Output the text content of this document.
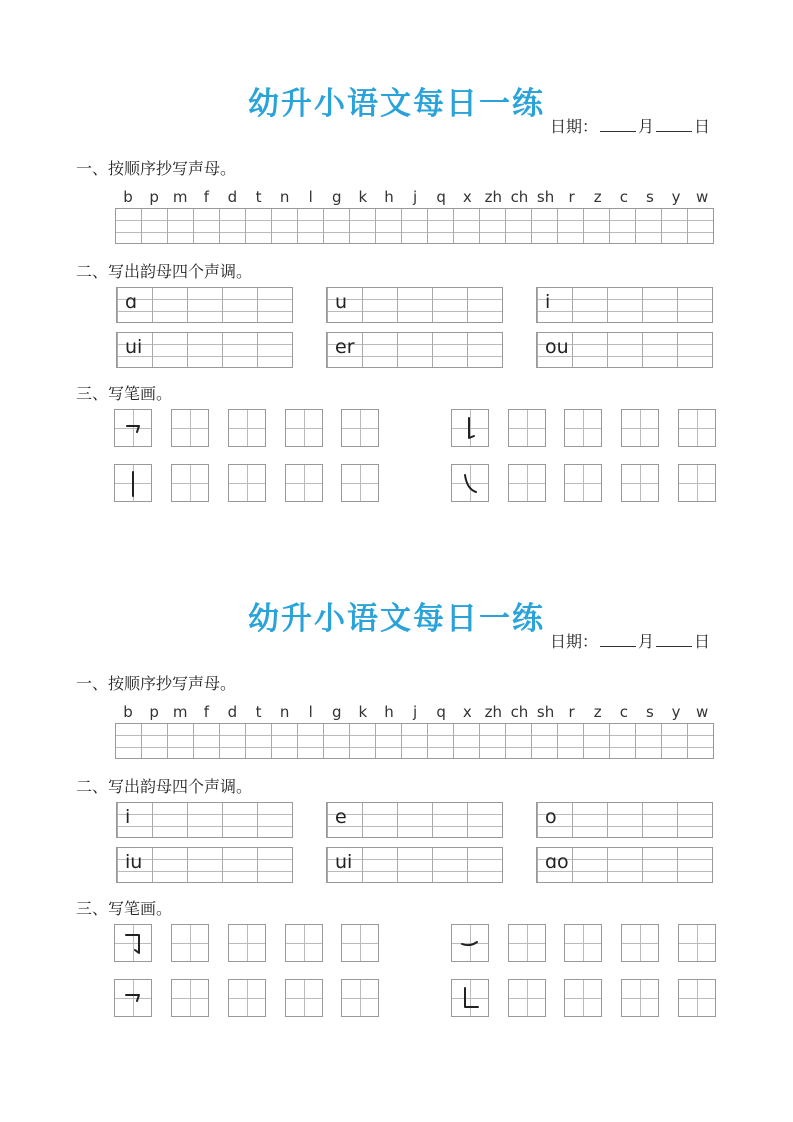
幼升小语文每日一练
日期：	月	日
一、按顺序抄写声母。
b	p m	f	d	t	n	l	g	k	h	j	q	x zh ch sh r	z	c	s	y	w
二、写出韵母四个声调。
ɑ	u	i
ui	er	ou
三、写笔画。
幼升小语文每日一练
日期：	月	日
一、按顺序抄写声母。
b	p m	f	d	t	n	l	g	k	h	j	q	x zh ch sh r	z	c	s	y	w
二、写出韵母四个声调。
i	e	o
iu	ui	ɑo
三、写笔画。
